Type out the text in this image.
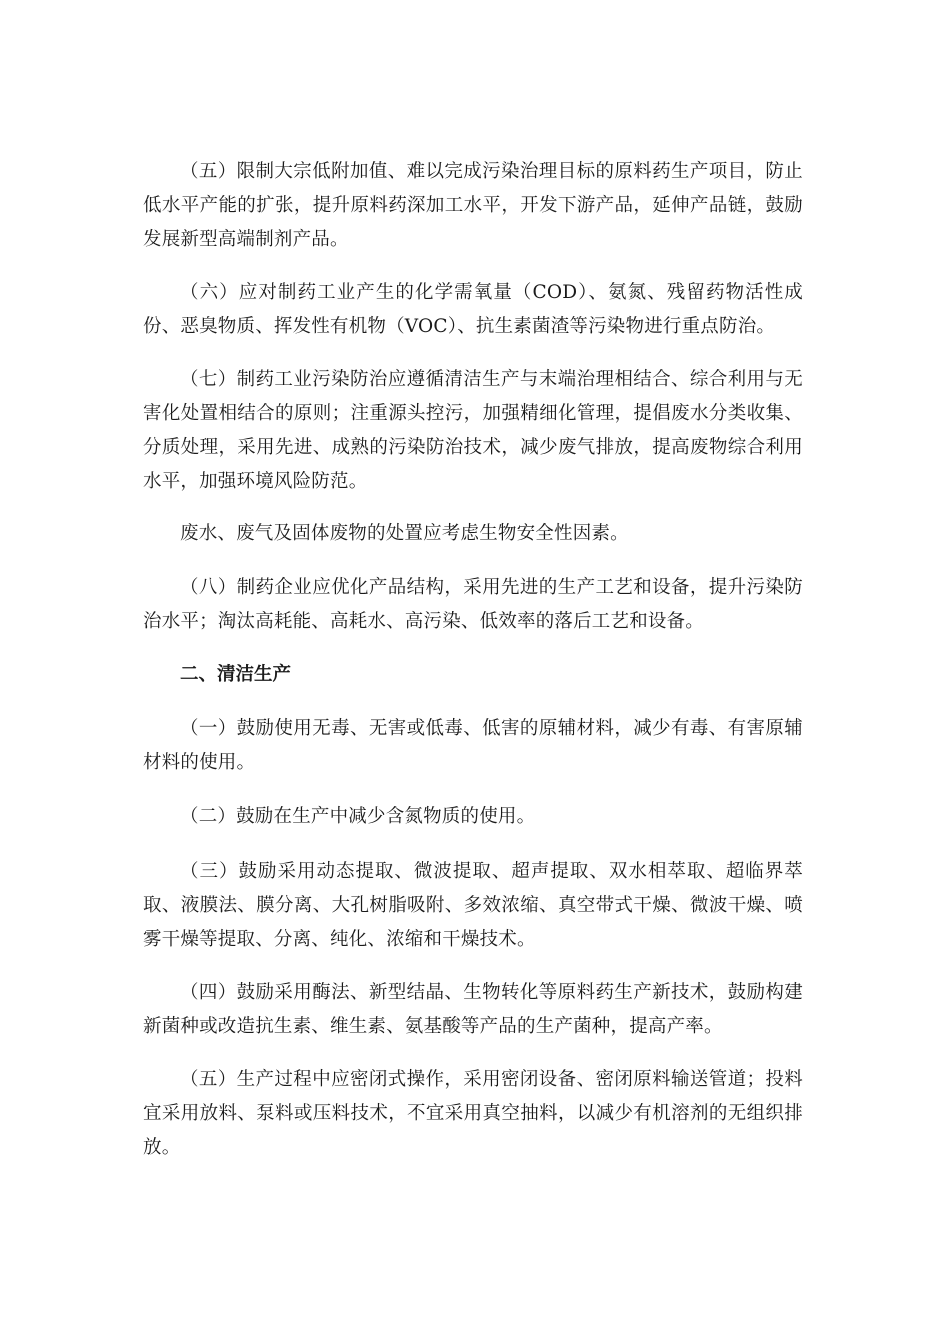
（五）限制大宗低附加值、难以完成污染治理目标的原料药生产项目，防止低水平产能的扩张，提升原料药深加工水平，开发下游产品，延伸产品链，鼓励发展新型高端制剂产品。

（六）应对制药工业产生的化学需氧量（COD）、氨氮、残留药物活性成份、恶臭物质、挥发性有机物（VOC）、抗生素菌渣等污染物进行重点防治。

（七）制药工业污染防治应遵循清洁生产与末端治理相结合、综合利用与无害化处置相结合的原则；注重源头控污，加强精细化管理，提倡废水分类收集、分质处理，采用先进、成熟的污染防治技术，减少废气排放，提高废物综合利用水平，加强环境风险防范。

废水、废气及固体废物的处置应考虑生物安全性因素。

（八）制药企业应优化产品结构，采用先进的生产工艺和设备，提升污染防治水平；淘汰高耗能、高耗水、高污染、低效率的落后工艺和设备。

二、清洁生产

（一）鼓励使用无毒、无害或低毒、低害的原辅材料，减少有毒、有害原辅材料的使用。

（二）鼓励在生产中减少含氮物质的使用。

（三）鼓励采用动态提取、微波提取、超声提取、双水相萃取、超临界萃取、液膜法、膜分离、大孔树脂吸附、多效浓缩、真空带式干燥、微波干燥、喷雾干燥等提取、分离、纯化、浓缩和干燥技术。

（四）鼓励采用酶法、新型结晶、生物转化等原料药生产新技术，鼓励构建新菌种或改造抗生素、维生素、氨基酸等产品的生产菌种，提高产率。

（五）生产过程中应密闭式操作，采用密闭设备、密闭原料输送管道；投料宜采用放料、泵料或压料技术，不宜采用真空抽料，以减少有机溶剂的无组织排放。
